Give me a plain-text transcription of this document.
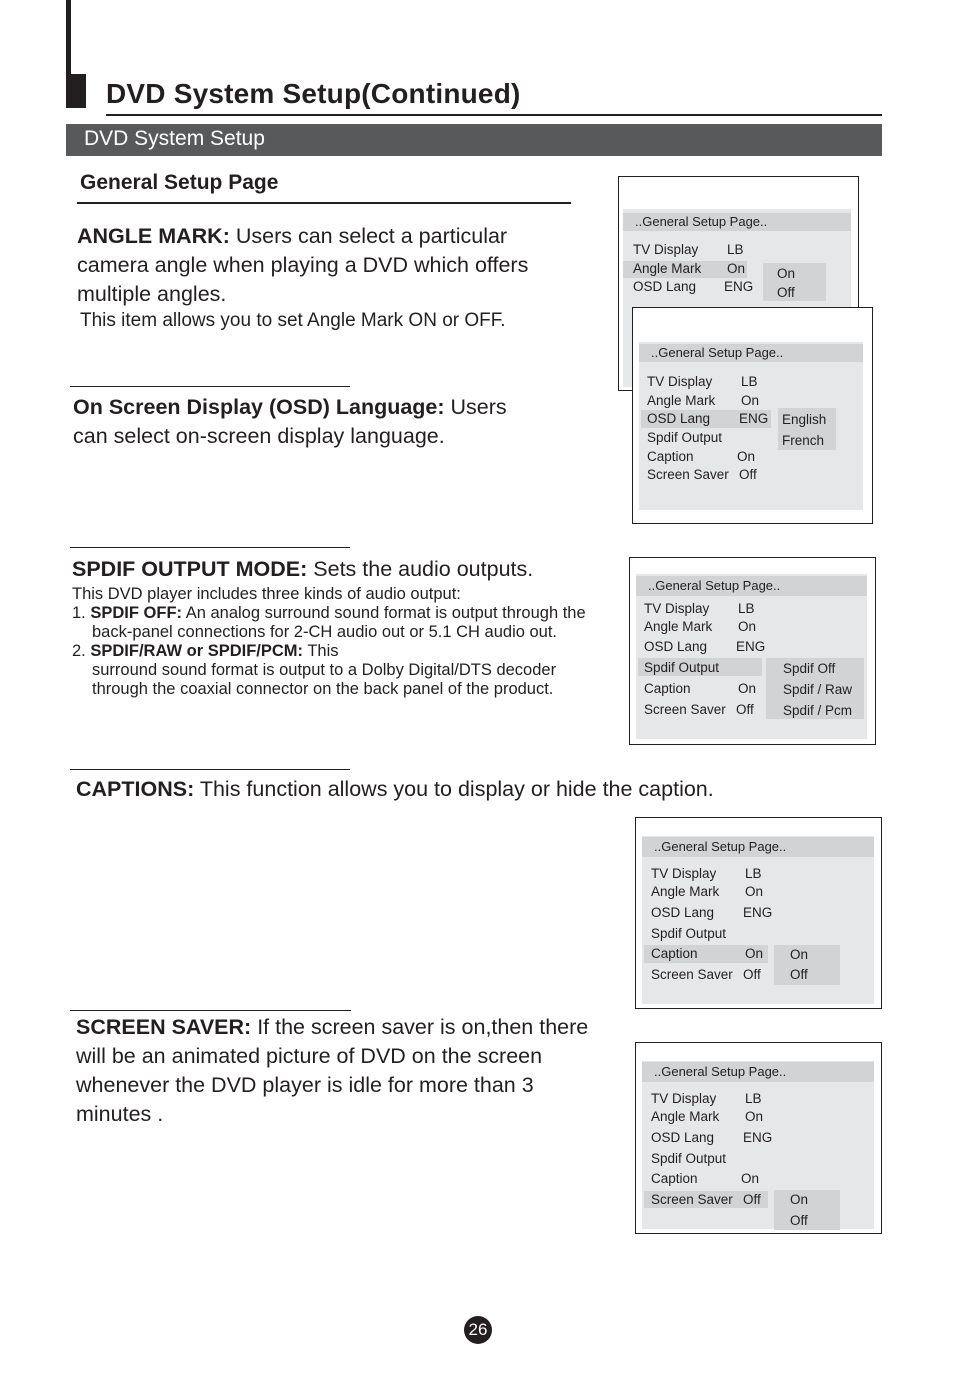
DVD System Setup(Continued)
DVD System Setup
General Setup Page
ANGLE MARK: Users can select a particular
camera angle when playing a DVD which offers
multiple angles.
This item allows you to set Angle Mark ON or OFF.
On Screen Display (OSD) Language: Users
can select on-screen display language.
SPDIF OUTPUT MODE: Sets the audio outputs.
This DVD player includes three kinds of audio output:
1. SPDIF OFF: An analog surround sound format is output through the
back-panel connections for 2-CH audio out or 5.1 CH audio out.
2. SPDIF/RAW or SPDIF/PCM: This
surround sound format is output to a Dolby Digital/DTS decoder
through the coaxial connector on the back panel of the product.
CAPTIONS: This function allows you to display or hide the caption.
SCREEN SAVER: If the screen saver is on,then there
will be an animated picture of DVD on the screen
whenever the DVD player is idle for more than 3
minutes .
..General Setup Page..
TV Display LB
Angle Mark On
OSD Lang ENG
On
Off
..General Setup Page..
TV Display LB
Angle Mark On
OSD Lang ENG
Spdif Output
Caption	On
Screen Saver Off
English
French
..General Setup Page..
TV Display LB
Angle Mark On
OSD Lang ENG
Spdif Output
Caption	On
Screen Saver Off
Spdif Off
Spdif / Raw
Spdif / Pcm
..General Setup Page..
TV Display LB
Angle Mark On
OSD Lang ENG
Spdif Output
Caption	On
Screen Saver Off
On
Off
..General Setup Page..
TV Display LB
Angle Mark On
OSD Lang ENG
Spdif Output
Caption	On
Screen Saver Off On
Off
26
